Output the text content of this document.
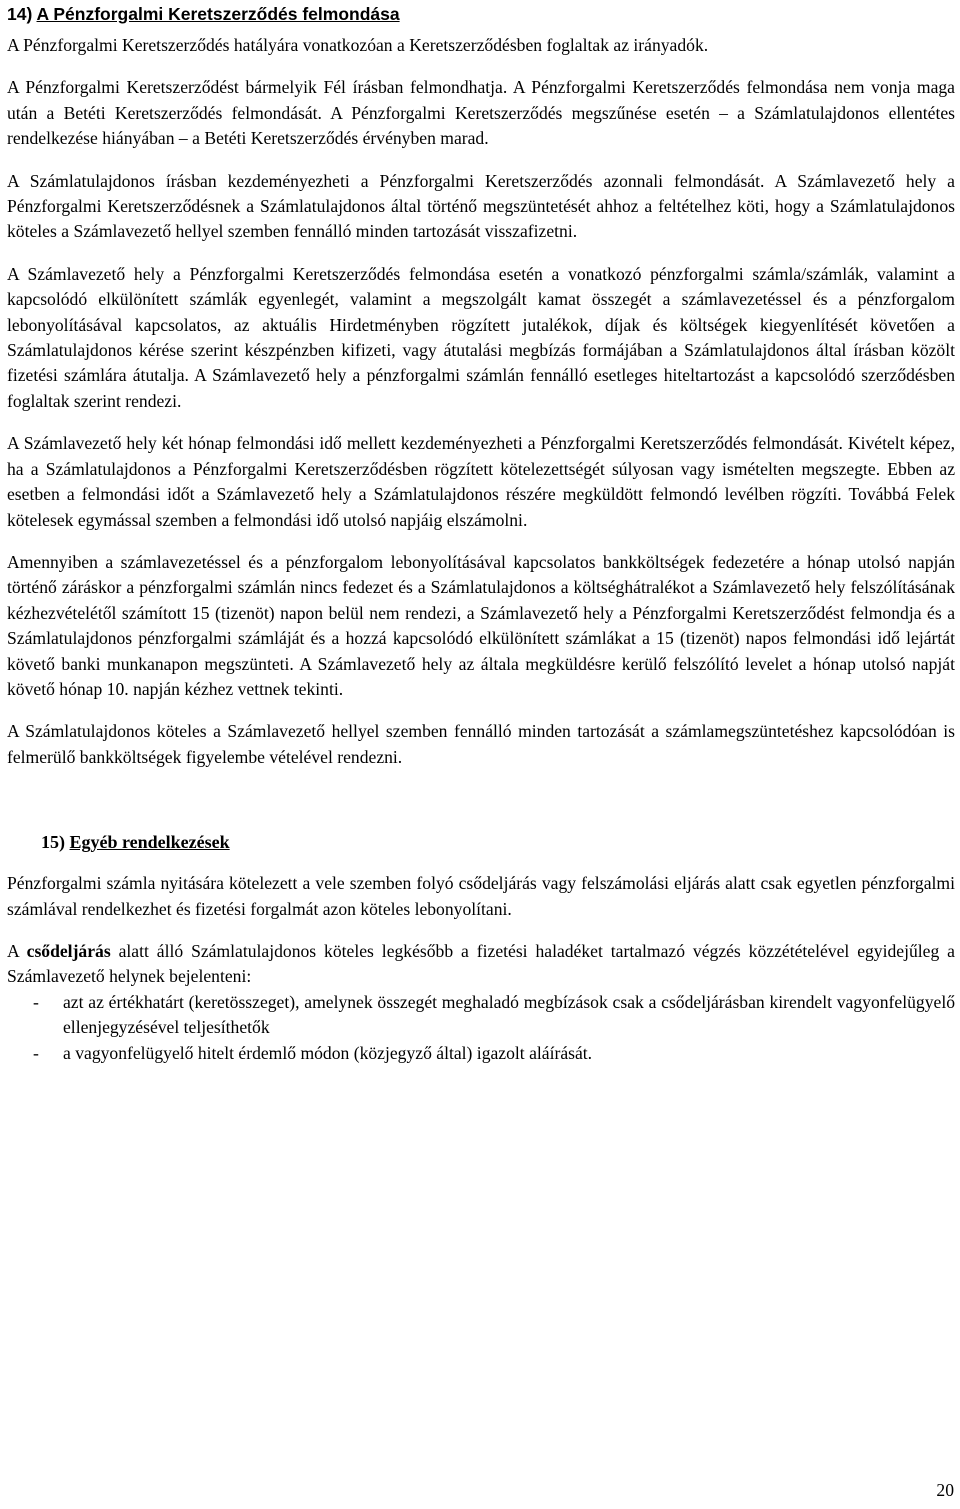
14) A Pénzforgalmi Keretszerződés felmondása

A Pénzforgalmi Keretszerződés hatályára vonatkozóan a Keretszerződésben foglaltak az irányadók.

A Pénzforgalmi Keretszerződést bármelyik Fél írásban felmondhatja. A Pénzforgalmi Keretszerződés felmondása nem vonja maga után a Betéti Keretszerződés felmondását. A Pénzforgalmi Keretszerződés megszűnése esetén – a Számlatulajdonos ellentétes rendelkezése hiányában – a Betéti Keretszerződés érvényben marad.

A Számlatulajdonos írásban kezdeményezheti a Pénzforgalmi Keretszerződés azonnali felmondását. A Számlavezető hely a Pénzforgalmi Keretszerződésnek a Számlatulajdonos által történő megszüntetését ahhoz a feltételhez köti, hogy a Számlatulajdonos köteles a Számlavezető hellyel szemben fennálló minden tartozását visszafizetni.

A Számlavezető hely a Pénzforgalmi Keretszerződés felmondása esetén a vonatkozó pénzforgalmi számla/számlák, valamint a kapcsolódó elkülönített számlák egyenlegét, valamint a megszolgált kamat összegét a számlavezetéssel és a pénzforgalom lebonyolításával kapcsolatos, az aktuális Hirdetményben rögzített jutalékok, díjak és költségek kiegyenlítését követően a Számlatulajdonos kérése szerint készpénzben kifizeti, vagy átutalási megbízás formájában a Számlatulajdonos által írásban közölt fizetési számlára átutalja. A Számlavezető hely a pénzforgalmi számlán fennálló esetleges hiteltartozást a kapcsolódó szerződésben foglaltak szerint rendezi.

A Számlavezető hely két hónap felmondási idő mellett kezdeményezheti a Pénzforgalmi Keretszerződés felmondását. Kivételt képez, ha a Számlatulajdonos a Pénzforgalmi Keretszerződésben rögzített kötelezettségét súlyosan vagy ismételten megszegte. Ebben az esetben a felmondási időt a Számlavezető hely a Számlatulajdonos részére megküldött felmondó levélben rögzíti. Továbbá Felek kötelesek egymással szemben a felmondási idő utolsó napjáig elszámolni.

Amennyiben a számlavezetéssel és a pénzforgalom lebonyolításával kapcsolatos bankköltségek fedezetére a hónap utolsó napján történő záráskor a pénzforgalmi számlán nincs fedezet és a Számlatulajdonos a költséghátralékot a Számlavezető hely felszólításának kézhezvételétől számított 15 (tizenöt) napon belül nem rendezi, a Számlavezető hely a Pénzforgalmi Keretszerződést felmondja és a Számlatulajdonos pénzforgalmi számláját és a hozzá kapcsolódó elkülönített számlákat a 15 (tizenöt) napos felmondási idő lejártát követő banki munkanapon megszünteti. A Számlavezető hely az általa megküldésre kerülő felszólító levelet a hónap utolsó napját követő hónap 10. napján kézhez vettnek tekinti.

A Számlatulajdonos köteles a Számlavezető hellyel szemben fennálló minden tartozását a számlamegszüntetéshez kapcsolódóan is felmerülő bankköltségek figyelembe vételével rendezni.

15) Egyéb rendelkezések

Pénzforgalmi számla nyitására kötelezett a vele szemben folyó csődeljárás vagy felszámolási eljárás alatt csak egyetlen pénzforgalmi számlával rendelkezhet és fizetési forgalmát azon köteles lebonyolítani.

A csődeljárás alatt álló Számlatulajdonos köteles legkésőbb a fizetési haladéket tartalmazó végzés közzétételével egyidejűleg a Számlavezető helynek bejelenteni:

- azt az értékhatárt (keretösszeget), amelynek összegét meghaladó megbízások csak a csődeljárásban kirendelt vagyonfelügyelő ellenjegyzésével teljesíthetők
- a vagyonfelügyelő hitelt érdemlő módon (közjegyző által) igazolt aláírását.
20
